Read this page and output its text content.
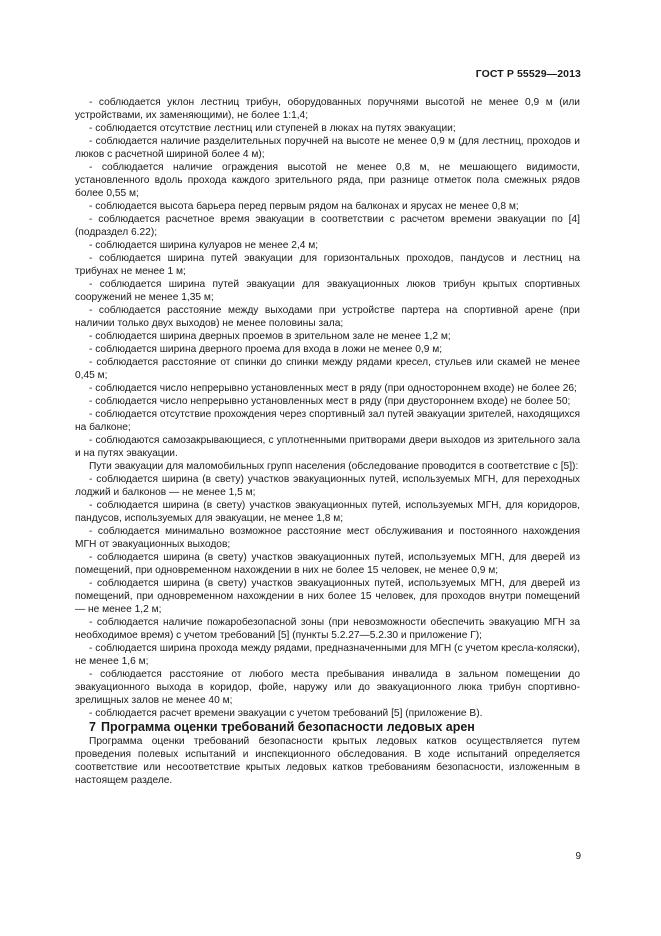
ГОСТ Р 55529—2013

- соблюдается уклон лестниц трибун, оборудованных поручнями высотой не менее 0,9 м (или устройствами, их заменяющими), не более 1:1,4;

- соблюдается отсутствие лестниц или ступеней в люках на путях эвакуации;

- соблюдается наличие разделительных поручней на высоте не менее 0,9 м (для лестниц, проходов и люков с расчетной шириной более 4 м);

- соблюдается наличие ограждения высотой не менее 0,8 м, не мешающего видимости, установленного вдоль прохода каждого зрительного ряда, при разнице отметок пола смежных рядов более 0,55 м;

- соблюдается высота барьера перед первым рядом на балконах и ярусах не менее 0,8 м;

- соблюдается расчетное время эвакуации в соответствии с расчетом времени эвакуации по [4] (подраздел 6.22);

- соблюдается ширина кулуаров не менее 2,4 м;

- соблюдается ширина путей эвакуации для горизонтальных проходов, пандусов и лестниц на трибунах не менее 1 м;

- соблюдается ширина путей эвакуации для эвакуационных люков трибун крытых спортивных сооружений не менее 1,35 м;

- соблюдается расстояние между выходами при устройстве партера на спортивной арене (при наличии только двух выходов) не менее половины зала;

- соблюдается ширина дверных проемов в зрительном зале не менее 1,2 м;

- соблюдается ширина дверного проема для входа в ложи не менее 0,9 м;

- соблюдается расстояние от спинки до спинки между рядами кресел, стульев или скамей не менее 0,45 м;

- соблюдается число непрерывно установленных мест в ряду (при одностороннем входе) не более 26;

- соблюдается число непрерывно установленных мест в ряду (при двустороннем входе) не более 50;

- соблюдается отсутствие прохождения через спортивный зал путей эвакуации зрителей, находящихся на балконе;

- соблюдаются самозакрывающиеся, с уплотненными притворами двери выходов из зрительного зала и на путях эвакуации.

Пути эвакуации для маломобильных групп населения (обследование проводится в соответствие с [5]):

- соблюдается ширина (в свету) участков эвакуационных путей, используемых МГН, для переходных лоджий и балконов — не менее 1,5 м;

- соблюдается ширина (в свету) участков эвакуационных путей, используемых МГН, для коридоров, пандусов, используемых для эвакуации, не менее 1,8 м;

- соблюдается минимально возможное расстояние мест обслуживания и постоянного нахождения МГН от эвакуационных выходов;

- соблюдается ширина (в свету) участков эвакуационных путей, используемых МГН, для дверей из помещений, при одновременном нахождении в них не более 15 человек, не менее 0,9 м;

- соблюдается ширина (в свету) участков эвакуационных путей, используемых МГН, для дверей из помещений, при одновременном нахождении в них более 15 человек, для проходов внутри помещений — не менее 1,2 м;

- соблюдается наличие пожаробезопасной зоны (при невозможности обеспечить эвакуацию МГН за необходимое время) с учетом требований [5] (пункты 5.2.27—5.2.30 и приложение Г);

- соблюдается ширина прохода между рядами, предназначенными для МГН (с учетом кресла-коляски), не менее 1,6 м;

- соблюдается расстояние от любого места пребывания инвалида в зальном помещении до эвакуационного выхода в коридор, фойе, наружу или до эвакуационного люка трибун спортивно-зрелищных залов не менее 40 м;

- соблюдается расчет времени эвакуации с учетом требований [5] (приложение В).

7 Программа оценки требований безопасности ледовых арен

Программа оценки требований безопасности крытых ледовых катков осуществляется путем проведения полевых испытаний и инспекционного обследования. В ходе испытаний определяется соответствие или несоответствие крытых ледовых катков требованиям безопасности, изложенным в настоящем разделе.

9
